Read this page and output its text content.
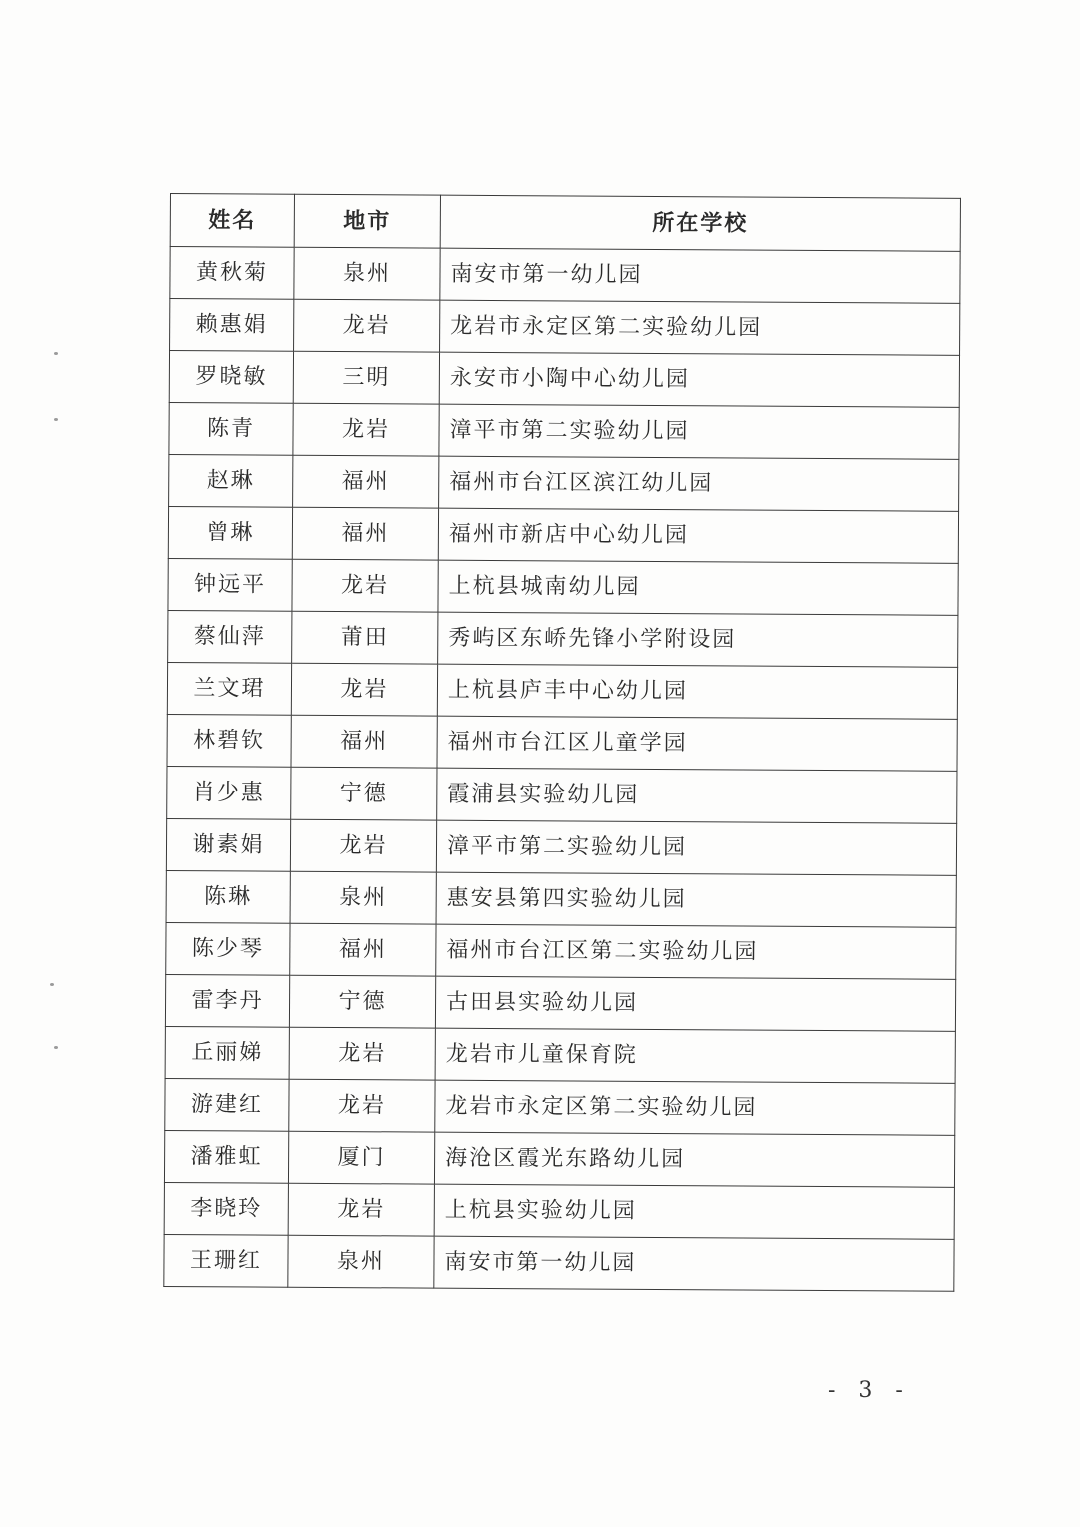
姓名	地市	所在学校
黄秋菊	泉州	南安市第一幼儿园
赖惠娟	龙岩	龙岩市永定区第二实验幼儿园
罗晓敏	三明	永安市小陶中心幼儿园
陈青	龙岩	漳平市第二实验幼儿园
赵琳	福州	福州市台江区滨江幼儿园
曾琳	福州	福州市新店中心幼儿园
钟远平	龙岩	上杭县城南幼儿园
蔡仙萍	莆田	秀屿区东峤先锋小学附设园
兰文珺	龙岩	上杭县庐丰中心幼儿园
林碧钦	福州	福州市台江区儿童学园
肖少惠	宁德	霞浦县实验幼儿园
谢素娟	龙岩	漳平市第二实验幼儿园
陈琳	泉州	惠安县第四实验幼儿园
陈少琴	福州	福州市台江区第二实验幼儿园
雷李丹	宁德	古田县实验幼儿园
丘丽娣	龙岩	龙岩市儿童保育院
游建红	龙岩	龙岩市永定区第二实验幼儿园
潘雅虹	厦门	海沧区霞光东路幼儿园
李晓玲	龙岩	上杭县实验幼儿园
王珊红	泉州	南安市第一幼儿园
- 3 -
